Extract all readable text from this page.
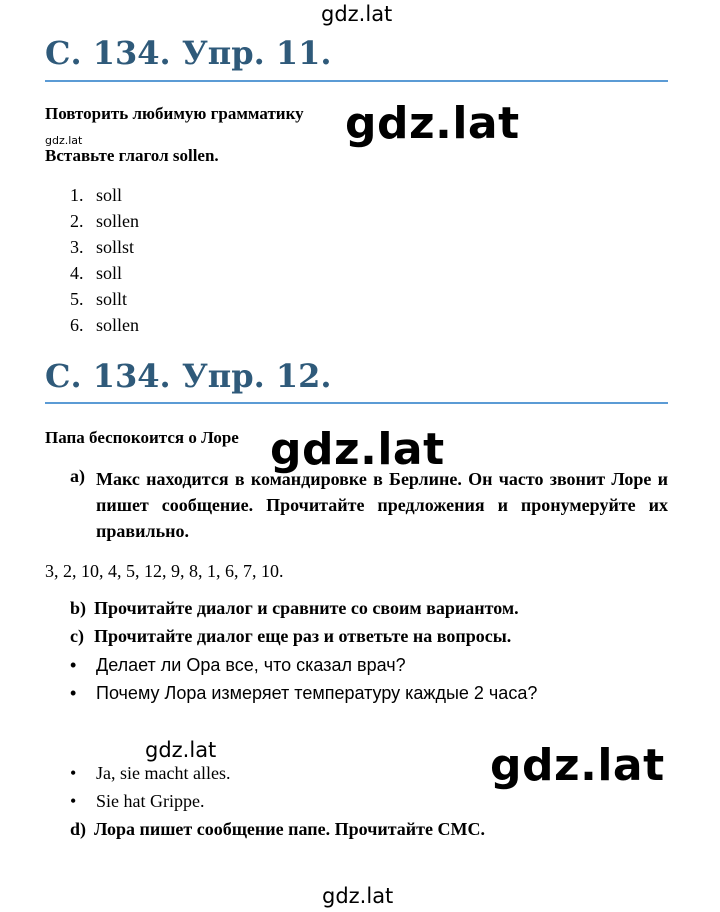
gdz.lat
gdz.lat	gdz.lat
gdz.lat
gdz.lat	gdz.lat
gdz.lat
С. 134. Упр. 11.
Повторить любимую грамматику
Вставьте глагол sollen.
1. soll
2. sollen
3. sollst
4. soll
5. sollt
6. sollen
С. 134. Упр. 12.
Папа беспокоится о Лоре
a) Макс находится в командировке в Берлине. Он часто звонит Лоре и пишет сообщение. Прочитайте предложения и пронумеруйте их правильно.
3, 2, 10, 4, 5, 12, 9, 8, 1, 6, 7, 10.
b) Прочитайте диалог и сравните со своим вариантом.
c) Прочитайте диалог еще раз и ответьте на вопросы.
• Делает ли Ора все, что сказал врач?
• Почему Лора измеряет температуру каждые 2 часа?
• Ja, sie macht alles.
• Sie hat Grippe.
d) Лора пишет сообщение папе. Прочитайте СМС.
